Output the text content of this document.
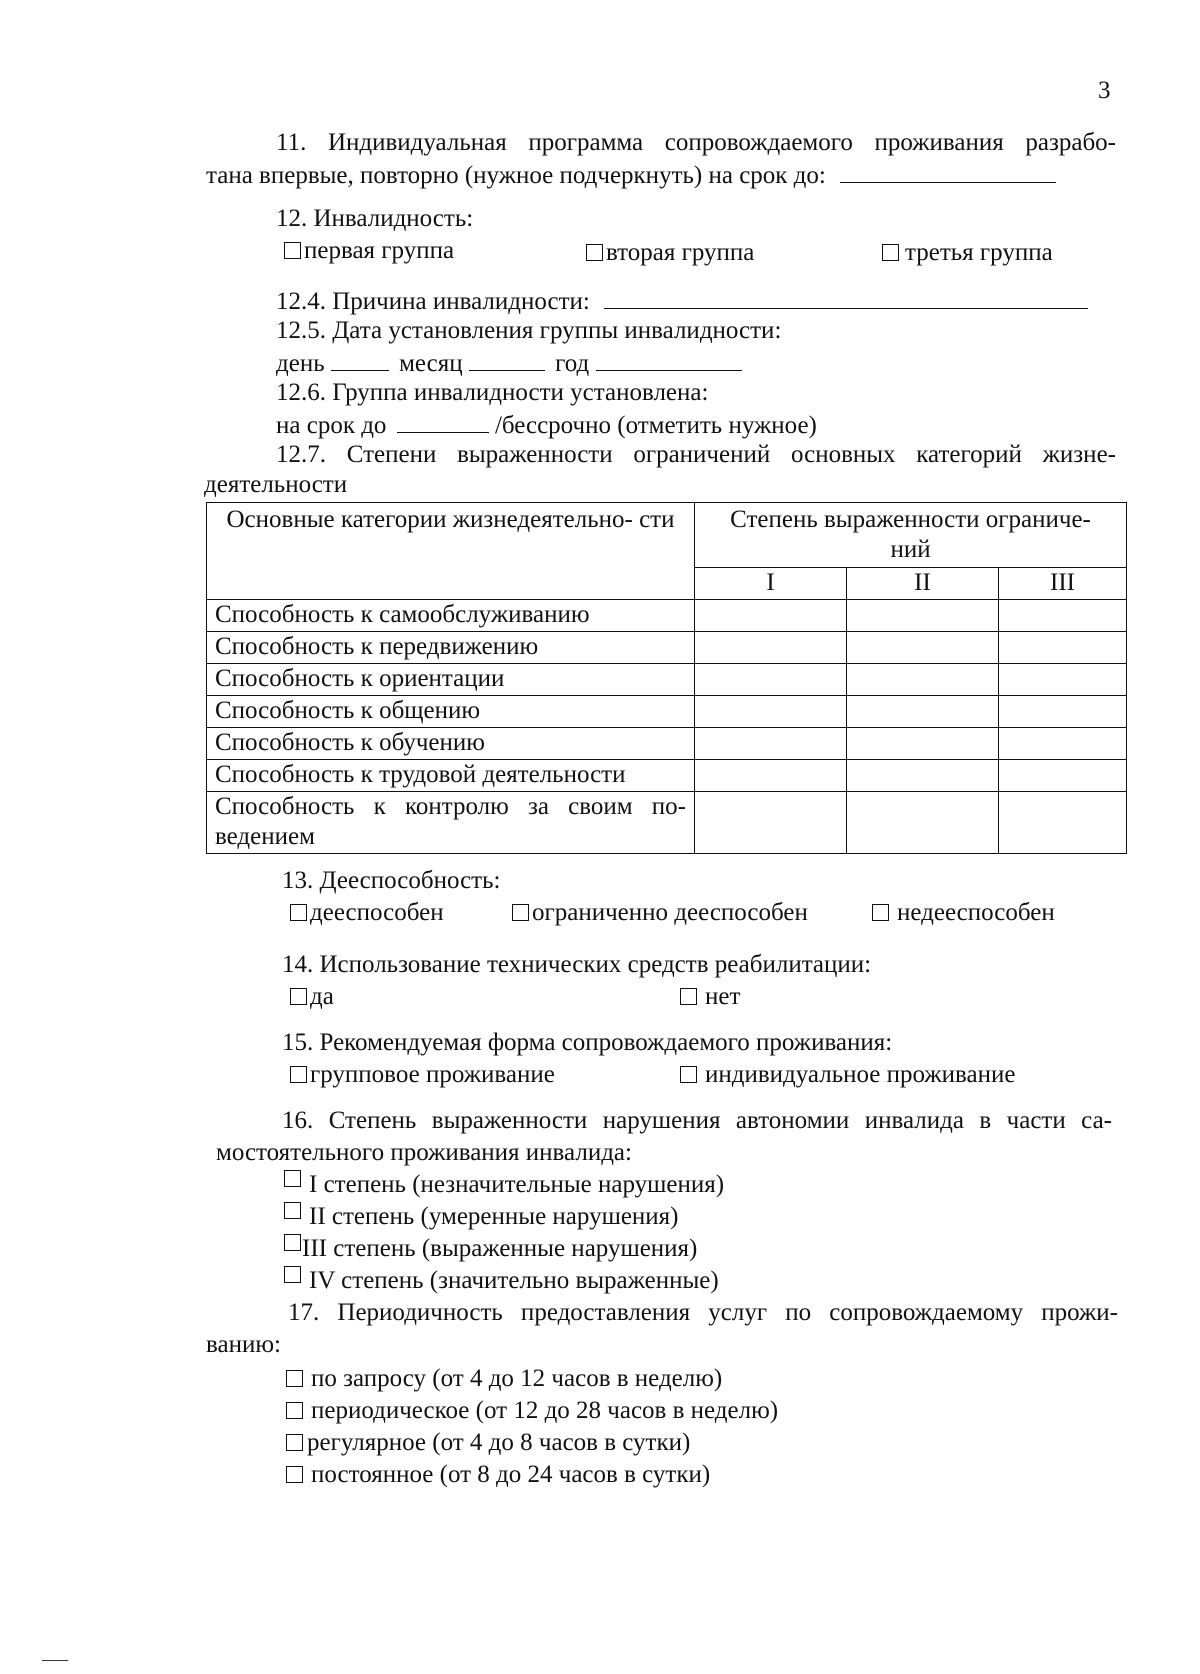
3
11. Индивидуальная программа сопровождаемого проживания разрабо-
тана впервые, повторно (нужное подчеркнуть) на срок до:
12. Инвалидность:
первая группа	вторая группа	третья группа
12.4. Причина инвалидности:
12.5. Дата установления группы инвалидности:
день	месяц	год
12.6. Группа инвалидности установлена:
на срок до	/бессрочно (отметить нужное)
12.7. Степени выраженности ограничений основных категорий жизне-
деятельности
Основные категории жизнедеятельно- сти	Степень выраженности ограниче- ний		
	I	II	III
Способность к самообслуживанию			
Способность к передвижению			
Способность к ориентации			
Способность к общению			
Способность к обучению			
Способность к трудовой деятельности			

Способность к контролю за своим по-
ведением			

13. Дееспособность:
дееспособен	ограниченно дееспособен	недееспособен
14. Использование технических средств реабилитации:
да	нет
15. Рекомендуемая форма сопровождаемого проживания:
групповое проживание	индивидуальное проживание
16. Степень выраженности нарушения автономии инвалида в части са-
мостоятельного проживания инвалида:
I степень (незначительные нарушения)
II степень (умеренные нарушения)
III степень (выраженные нарушения)
IV степень (значительно выраженные)
17. Периодичность предоставления услуг по сопровождаемому прожи-
ванию:
по запросу (от 4 до 12 часов в неделю)
периодическое (от 12 до 28 часов в неделю)
регулярное (от 4 до 8 часов в сутки)
постоянное (от 8 до 24 часов в сутки)
